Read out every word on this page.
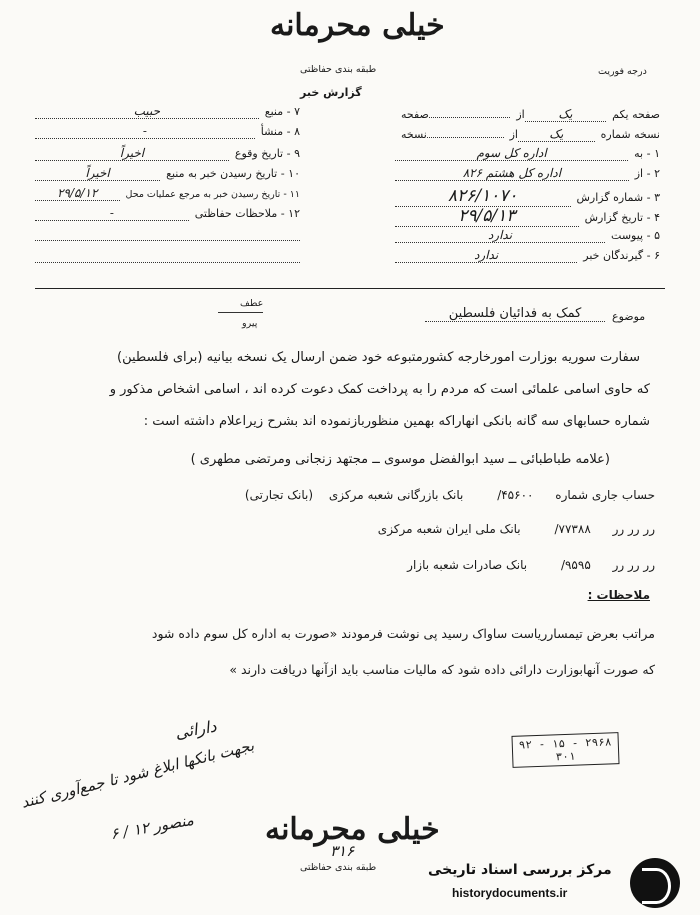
خیلی محرمانه
طبقه بندی حفاظتی
گزارش خبر
درجه فوریت
صفحه یکم
یک
از
صفحه
نسخه شماره
یک
از
نسخه
۱ - به
اداره کل سوم
۲ - از
اداره کل هشتم ۸۲۶
۳ - شماره گزارش
۸۲۶/۱۰۷۰
۴ - تاریخ گزارش
۲۹/۵/۱۳
۵ - پیوست
ندارد
۶ - گیرندگان خبر
ندارد
۷ - منبع
حبیب
۸ - منشأ
-
۹ - تاریخ وقوع
اخیراً
۱۰ - تاریخ رسیدن خبر به منبع
اخیراً
۱۱ - تاریخ رسیدن خبر به مرجع عملیات محل
۲۹/۵/۱۲
۱۲ - ملاحظات حفاظتی
-
موضوع
کمک به فدائیان فلسطین
عطف
پیرو
سفارت سوریه بوزارت امورخارجه کشورمتبوعه خود ضمن ارسال یک نسخه بیانیه (برای فلسطین)
که حاوی اسامی علمائی است که مردم را به پرداخت کمک دعوت کرده اند ، اسامی اشخاص مذکور و
شماره حسابهای سه گانه بانکی آنهاراکه بهمین منظوربازنموده اند بشرح زیراعلام داشته است :
(علامه طباطبائی ــ سید ابوالفضل موسوی ــ مجتهد زنجانی ومرتضی مطهری )
حساب جاری شماره ۴۵۶۰۰/ بانک بازرگانی شعبه مرکزی (بانک تجارتی)
رر رر رر ۷۷۳۸۸/ بانک ملی ایران شعبه مرکزی
رر رر رر ۹۵۹۵/ بانک صادرات شعبه بازار
ملاحظات :
مراتب بعرض تیمسارریاست ساواک رسید پی نوشت فرمودند «صورت به اداره کل سوم داده شود
که صورت آنهابوزارت دارائی داده شود که مالیات مناسب باید ازآنها دریافت دارند »
دارائی
بجهت بانکها ابلاغ شود تا جمع‌آوری کنند
منصور ۱۲ / ۶
۲۹۶۸ - ۱۵ - ۹۲
۳۰۱
خیلی محرمانه
۳۱۶
طبقه بندی حفاظتی	مرکز بررسی اسناد تاریخی
historydocuments.ir
